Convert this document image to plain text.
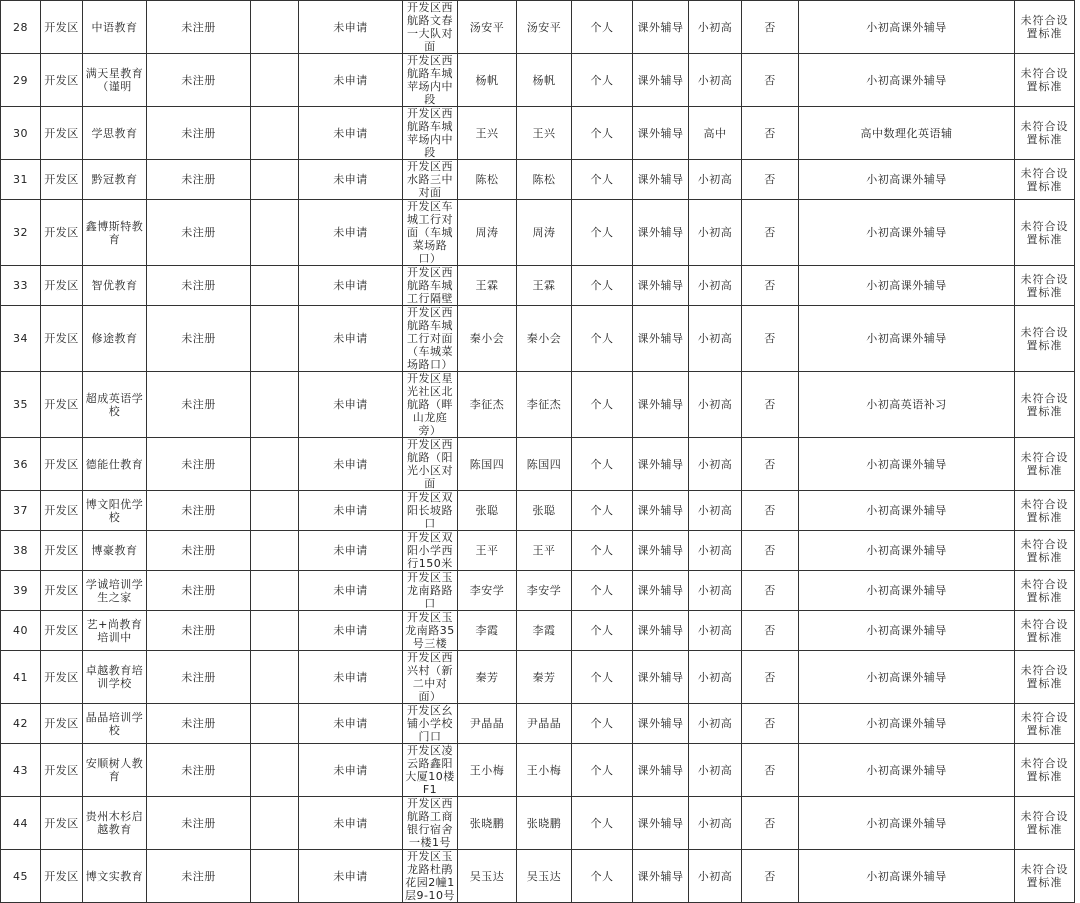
28	开发区	中语教育	未注册		未申请	开发区西航路文春一大队对面	汤安平	汤安平	个人	课外辅导	小初高	否	小初高课外辅导	未符合设置标准
29	开发区	满天星教育（谨明	未注册		未申请	开发区西航路车城苹场内中段	杨帆	杨帆	个人	课外辅导	小初高	否	小初高课外辅导	未符合设置标准
30	开发区	学思教育	未注册		未申请	开发区西航路车城苹场内中段	王兴	王兴	个人	课外辅导	高中	否	高中数理化英语辅	未符合设置标准
31	开发区	黔冠教育	未注册		未申请	开发区西水路三中对面	陈松	陈松	个人	课外辅导	小初高	否	小初高课外辅导	未符合设置标准
32	开发区	鑫博斯特教育	未注册		未申请	开发区车城工行对面（车城菜场路口）	周涛	周涛	个人	课外辅导	小初高	否	小初高课外辅导	未符合设置标准
33	开发区	智优教育	未注册		未申请	开发区西航路车城工行隔壁	王霖	王霖	个人	课外辅导	小初高	否	小初高课外辅导	未符合设置标准
34	开发区	修途教育	未注册		未申请	开发区西航路车城工行对面（车城菜场路口）	秦小会	秦小会	个人	课外辅导	小初高	否	小初高课外辅导	未符合设置标准
35	开发区	超成英语学校	未注册		未申请	开发区星光社区北航路（畔山龙庭旁）	李征杰	李征杰	个人	课外辅导	小初高	否	小初高英语补习	未符合设置标准
36	开发区	德能仕教育	未注册		未申请	开发区西航路（阳光小区对面	陈国四	陈国四	个人	课外辅导	小初高	否	小初高课外辅导	未符合设置标准
37	开发区	博文阳优学校	未注册		未申请	开发区双阳长坡路口	张聪	张聪	个人	课外辅导	小初高	否	小初高课外辅导	未符合设置标准
38	开发区	博豪教育	未注册		未申请	开发区双阳小学西行150米	王平	王平	个人	课外辅导	小初高	否	小初高课外辅导	未符合设置标准
39	开发区	学诚培训学生之家	未注册		未申请	开发区玉龙南路路口	李安学	李安学	个人	课外辅导	小初高	否	小初高课外辅导	未符合设置标准
40	开发区	艺+尚教育培训中	未注册		未申请	开发区玉龙南路35号三楼	李霞	李霞	个人	课外辅导	小初高	否	小初高课外辅导	未符合设置标准
41	开发区	卓越教育培训学校	未注册		未申请	开发区西兴村（新二中对面）	秦芳	秦芳	个人	课外辅导	小初高	否	小初高课外辅导	未符合设置标准
42	开发区	晶晶培训学校	未注册		未申请	开发区幺铺小学校门口	尹晶晶	尹晶晶	个人	课外辅导	小初高	否	小初高课外辅导	未符合设置标准
43	开发区	安顺树人教育	未注册		未申请	开发区凌云路鑫阳大厦10楼F1	王小梅	王小梅	个人	课外辅导	小初高	否	小初高课外辅导	未符合设置标准
44	开发区	贵州木杉启越教育	未注册		未申请	开发区西航路工商银行宿舍一楼1号	张晓鹏	张晓鹏	个人	课外辅导	小初高	否	小初高课外辅导	未符合设置标准
45	开发区	博文实教育	未注册		未申请	开发区玉龙路杜鹃花园2幢1层9-10号	吴玉达	吴玉达	个人	课外辅导	小初高	否	小初高课外辅导	未符合设置标准
